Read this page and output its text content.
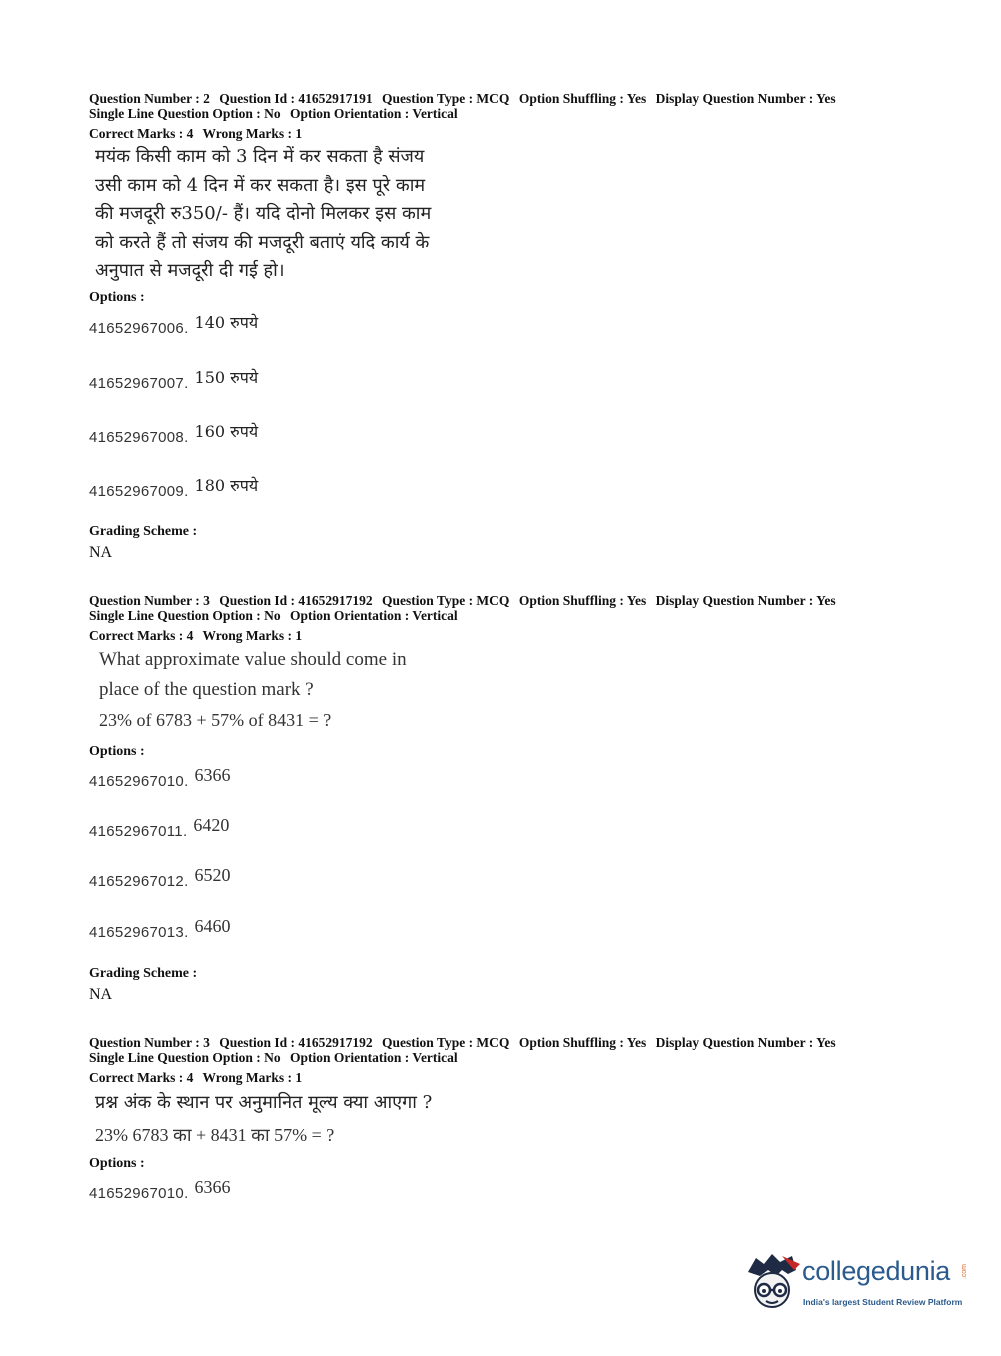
Question Number : 2 Question Id : 41652917191 Question Type : MCQ Option Shuffling : Yes Display Question Number : Yes
Single Line Question Option : No Option Orientation : Vertical
Correct Marks : 4 Wrong Marks : 1
मयंक किसी काम को 3 दिन में कर सकता है संजय
उसी काम को 4 दिन में कर सकता है। इस पूरे काम
की मजदूरी रु350/- हैं। यदि दोनो मिलकर इस काम
को करते हैं तो संजय की मजदूरी बताएं यदि कार्य के
अनुपात से मजदूरी दी गई हो।
Options :
41652967006. 140 रुपये
41652967007. 150 रुपये
41652967008. 160 रुपये
41652967009. 180 रुपये
Grading Scheme :
NA
Question Number : 3 Question Id : 41652917192 Question Type : MCQ Option Shuffling : Yes Display Question Number : Yes
Single Line Question Option : No Option Orientation : Vertical
Correct Marks : 4 Wrong Marks : 1
What approximate value should come in
place of the question mark ?
23% of 6783 + 57% of 8431 = ?
Options :
41652967010. 6366
41652967011. 6420
41652967012. 6520
41652967013. 6460
Grading Scheme :
NA
Question Number : 3 Question Id : 41652917192 Question Type : MCQ Option Shuffling : Yes Display Question Number : Yes
Single Line Question Option : No Option Orientation : Vertical
Correct Marks : 4 Wrong Marks : 1
प्रश्न अंक के स्थान पर अनुमानित मूल्य क्या आएगा ?
23% 6783 का + 8431 का 57% = ?
Options :
41652967010. 6366
collegedunia .com
India's largest Student Review Platform
